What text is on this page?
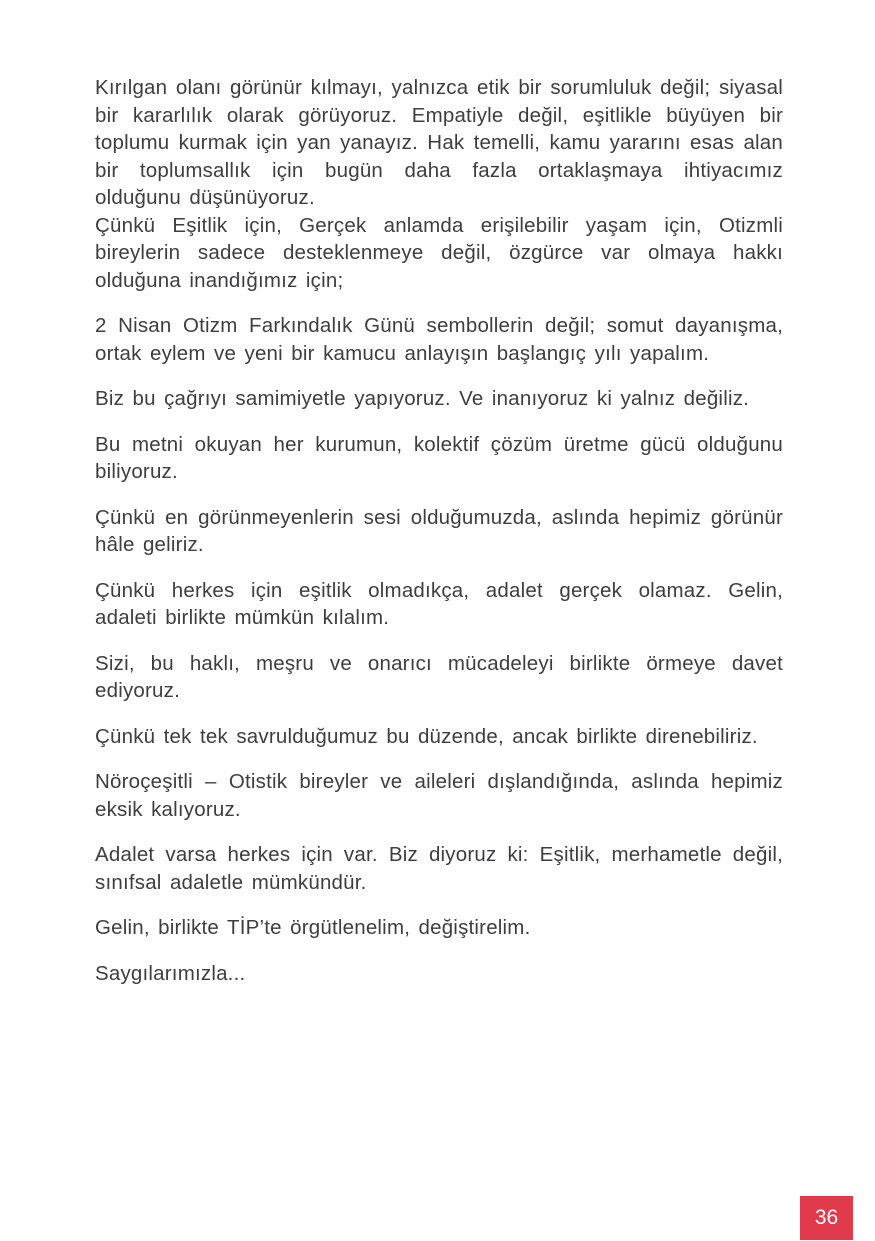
Kırılgan olanı görünür kılmayı, yalnızca etik bir sorumluluk değil; siyasal bir kararlılık olarak görüyoruz. Empatiyle değil, eşitlikle büyüyen bir toplumu kurmak için yan yanayız. Hak temelli, kamu yararını esas alan bir toplumsallık için bugün daha fazla ortaklaşmaya ihtiyacımız olduğunu düşünüyoruz.

Çünkü Eşitlik için, Gerçek anlamda erişilebilir yaşam için, Otizmli bireylerin sadece desteklenmeye değil, özgürce var olmaya hakkı olduğuna inandığımız için;

2 Nisan Otizm Farkındalık Günü sembollerin değil; somut dayanışma, ortak eylem ve yeni bir kamucu anlayışın başlangıç yılı yapalım.

Biz bu çağrıyı samimiyetle yapıyoruz. Ve inanıyoruz ki yalnız değiliz.

Bu metni okuyan her kurumun, kolektif çözüm üretme gücü olduğunu biliyoruz.

Çünkü en görünmeyenlerin sesi olduğumuzda, aslında hepimiz görünür hâle geliriz.

Çünkü herkes için eşitlik olmadıkça, adalet gerçek olamaz. Gelin, adaleti birlikte mümkün kılalım.

Sizi, bu haklı, meşru ve onarıcı mücadeleyi birlikte örmeye davet ediyoruz.

Çünkü tek tek savrulduğumuz bu düzende, ancak birlikte direnebiliriz.

Nöroçeşitli – Otistik bireyler ve aileleri dışlandığında, aslında hepimiz eksik kalıyoruz.

Adalet varsa herkes için var. Biz diyoruz ki: Eşitlik, merhametle değil, sınıfsal adaletle mümkündür.

Gelin, birlikte TİP’te örgütlenelim, değiştirelim.

Saygılarımızla...

36
